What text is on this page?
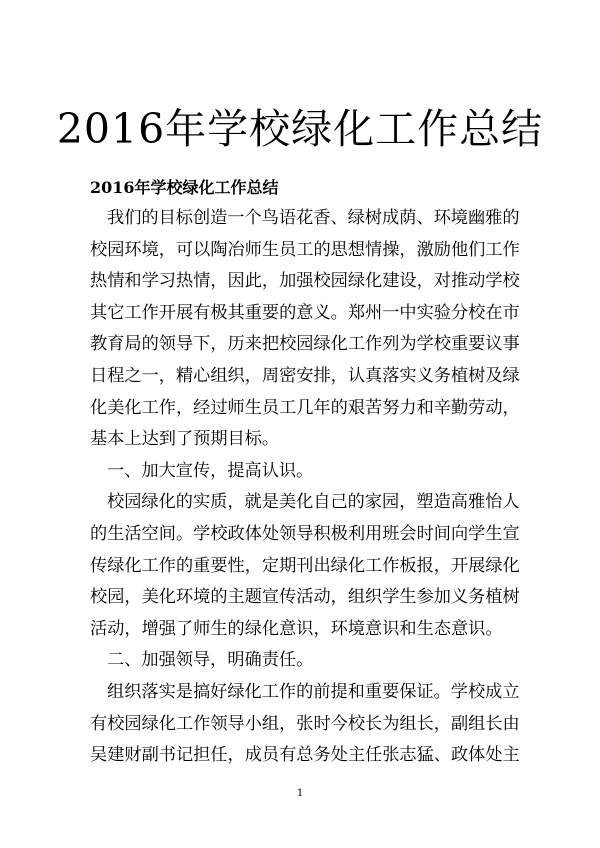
2016年学校绿化工作总结
2016年学校绿化工作总结
我们的目标创造一个鸟语花香、绿树成荫、环境幽雅的
校园环境，可以陶冶师生员工的思想情操，激励他们工作
热情和学习热情，因此，加强校园绿化建设，对推动学校
其它工作开展有极其重要的意义。郑州一中实验分校在市
教育局的领导下，历来把校园绿化工作列为学校重要议事
日程之一，精心组织，周密安排，认真落实义务植树及绿
化美化工作，经过师生员工几年的艰苦努力和辛勤劳动，
基本上达到了预期目标。
一、加大宣传，提高认识。
校园绿化的实质，就是美化自己的家园，塑造高雅怡人
的生活空间。学校政体处领导积极利用班会时间向学生宣
传绿化工作的重要性，定期刊出绿化工作板报，开展绿化
校园，美化环境的主题宣传活动，组织学生参加义务植树
活动，增强了师生的绿化意识，环境意识和生态意识。
二、加强领导，明确责任。
组织落实是搞好绿化工作的前提和重要保证。学校成立
有校园绿化工作领导小组，张时今校长为组长，副组长由
吴建财副书记担任，成员有总务处主任张志猛、政体处主
1
